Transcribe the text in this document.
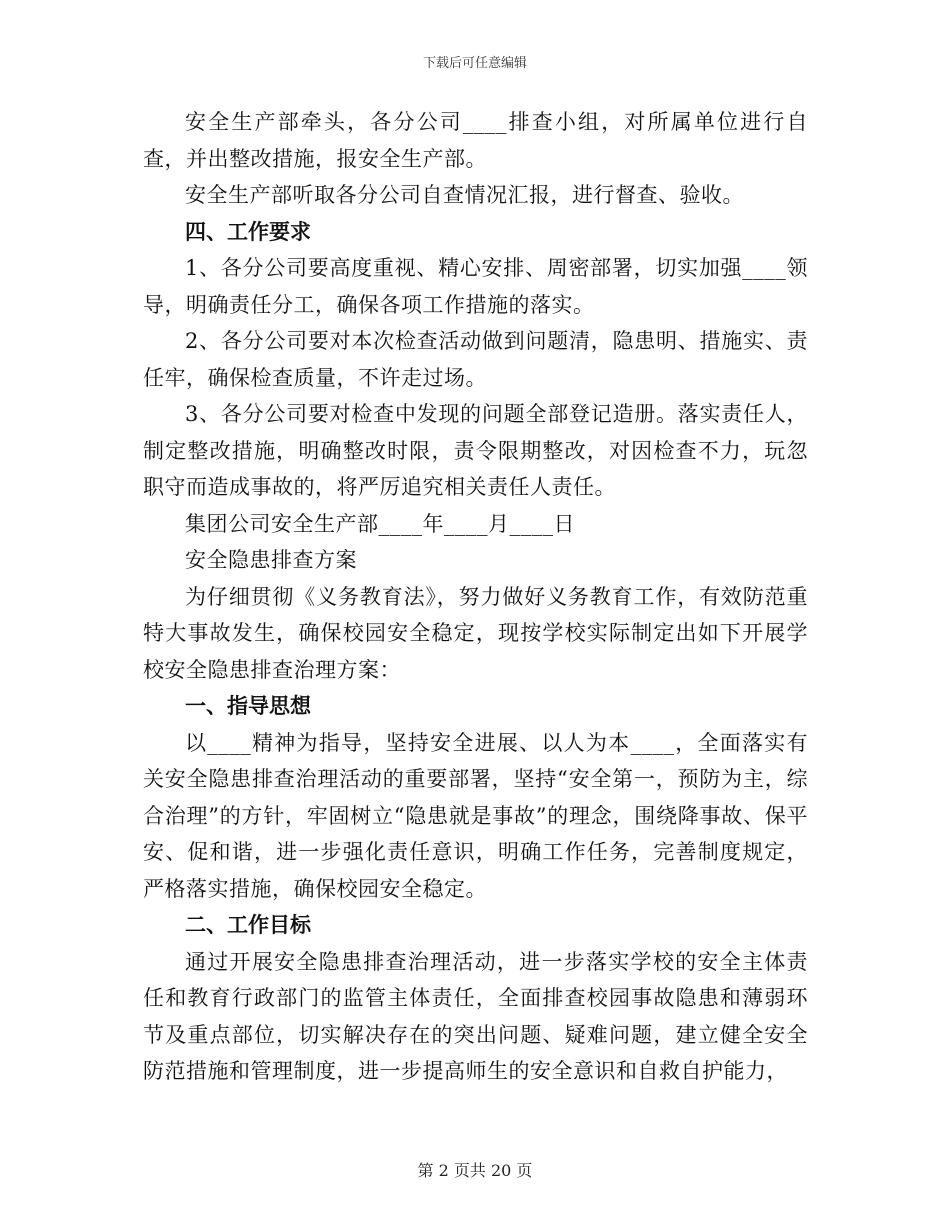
下载后可任意编辑

安全生产部牵头，各分公司____排查小组，对所属单位进行自查，并出整改措施，报安全生产部。

安全生产部听取各分公司自查情况汇报，进行督查、验收。

四、工作要求

1、各分公司要高度重视、精心安排、周密部署，切实加强____领导，明确责任分工，确保各项工作措施的落实。

2、各分公司要对本次检查活动做到问题清，隐患明、措施实、责任牢，确保检查质量，不许走过场。

3、各分公司要对检查中发现的问题全部登记造册。落实责任人，制定整改措施，明确整改时限，责令限期整改，对因检查不力，玩忽职守而造成事故的，将严厉追究相关责任人责任。

集团公司安全生产部____年____月____日

安全隐患排查方案

为仔细贯彻《义务教育法》，努力做好义务教育工作，有效防范重特大事故发生，确保校园安全稳定，现按学校实际制定出如下开展学校安全隐患排查治理方案：

一、指导思想

以____精神为指导，坚持安全进展、以人为本____，全面落实有关安全隐患排查治理活动的重要部署，坚持“安全第一，预防为主，综合治理”的方针，牢固树立“隐患就是事故”的理念，围绕降事故、保平安、促和谐，进一步强化责任意识，明确工作任务，完善制度规定，严格落实措施，确保校园安全稳定。

二、工作目标

通过开展安全隐患排查治理活动，进一步落实学校的安全主体责任和教育行政部门的监管主体责任，全面排查校园事故隐患和薄弱环节及重点部位，切实解决存在的突出问题、疑难问题，建立健全安全防范措施和管理制度，进一步提高师生的安全意识和自救自护能力，

第 2 页共 20 页
